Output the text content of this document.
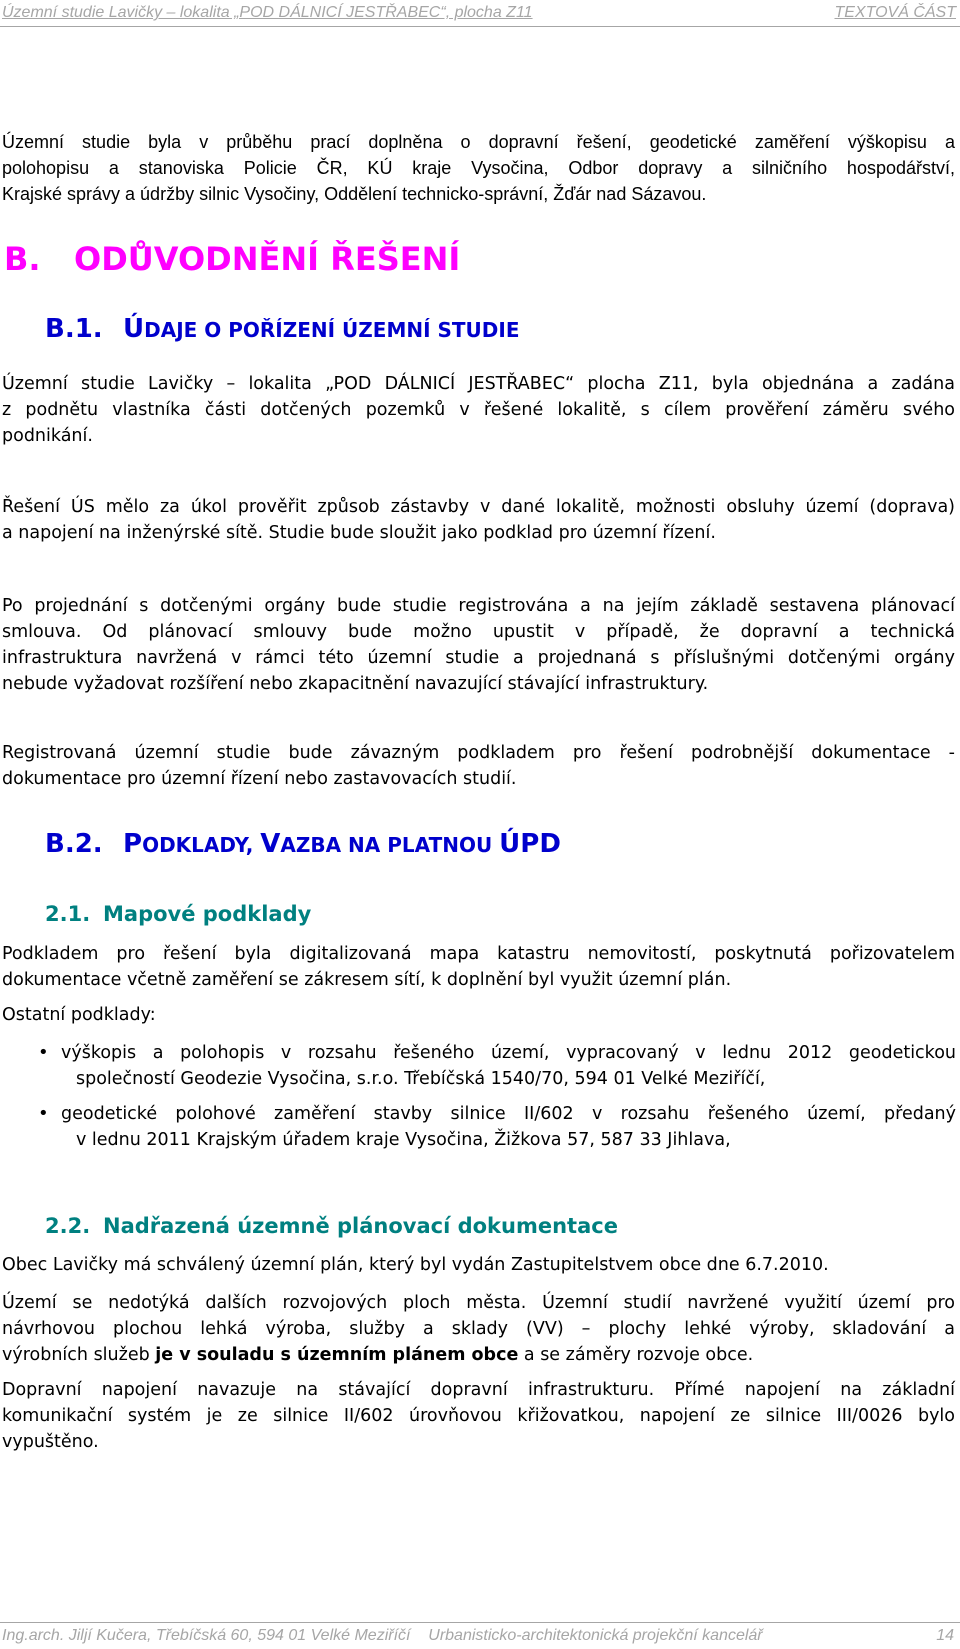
Územní studie Lavičky – lokalita „POD DÁLNICÍ JESTŘABEC“, plocha Z11	TEXTOVÁ ČÁST
Územní studie byla v průběhu prací doplněna o dopravní řešení, geodetické zaměření výškopisu a
polohopisu a stanoviska Policie ČR, KÚ kraje Vysočina, Odbor dopravy a silničního hospodářství,
Krajské správy a údržby silnic Vysočiny, Oddělení technicko-správní, Žďár nad Sázavou.
B. ODŮVODNĚNÍ ŘEŠENÍ
B.1. ÚDAJE O POŘÍZENÍ ÚZEMNÍ STUDIE
Územní studie Lavičky – lokalita „POD DÁLNICÍ JESTŘABEC“ plocha Z11, byla objednána a zadána
z podnětu vlastníka části dotčených pozemků v řešené lokalitě, s cílem prověření záměru svého
podnikání.
Řešení ÚS mělo za úkol prověřit způsob zástavby v dané lokalitě, možnosti obsluhy území (doprava)
a napojení na inženýrské sítě. Studie bude sloužit jako podklad pro územní řízení.
Po projednání s dotčenými orgány bude studie registrována a na jejím základě sestavena plánovací
smlouva. Od plánovací smlouvy bude možno upustit v případě, že dopravní a technická
infrastruktura navržená v rámci této územní studie a projednaná s příslušnými dotčenými orgány
nebude vyžadovat rozšíření nebo zkapacitnění navazující stávající infrastruktury.
Registrovaná územní studie bude závazným podkladem pro řešení podrobnější dokumentace -
dokumentace pro územní řízení nebo zastavovacích studií.
B.2. PODKLADY, VAZBA NA PLATNOU ÚPD
2.1. Mapové podklady
Podkladem pro řešení byla digitalizovaná mapa katastru nemovitostí, poskytnutá pořizovatelem
dokumentace včetně zaměření se zákresem sítí, k doplnění byl využit územní plán.
Ostatní podklady:
• výškopis a polohopis v rozsahu řešeného území, vypracovaný v lednu 2012 geodetickou
společností Geodezie Vysočina, s.r.o. Třebíčská 1540/70, 594 01 Velké Meziříčí,
• geodetické polohové zaměření stavby silnice II/602 v rozsahu řešeného území, předaný
v lednu 2011 Krajským úřadem kraje Vysočina, Žižkova 57, 587 33 Jihlava,
2.2. Nadřazená územně plánovací dokumentace
Obec Lavičky má schválený územní plán, který byl vydán Zastupitelstvem obce dne 6.7.2010.
Území se nedotýká dalších rozvojových ploch města. Územní studií navržené využití území pro
návrhovou plochou lehká výroba, služby a sklady (VV) – plochy lehké výroby, skladování a
výrobních služeb je v souladu s územním plánem obce a se záměry rozvoje obce.
Dopravní napojení navazuje na stávající dopravní infrastrukturu. Přímé napojení na základní
komunikační systém je ze silnice II/602 úrovňovou křižovatkou, napojení ze silnice III/0026 bylo
vypuštěno.
Ing.arch. Jiljí Kučera, Třebíčská 60, 594 01 Velké Meziříčí    Urbanisticko-architektonická projekční kancelář	14
